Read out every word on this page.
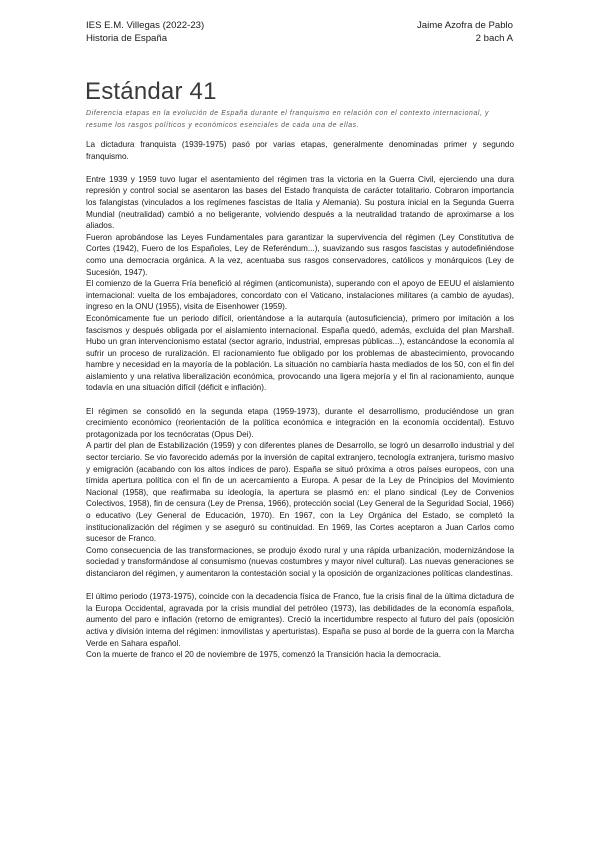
IES E.M. Villegas (2022-23)
Historia de España
Jaime Azofra de Pablo
2 bach A
Estándar 41
Diferencia etapas en la evolución de España durante el franquismo en relación con el contexto internacional, y resume los rasgos políticos y económicos esenciales de cada una de ellas.

La dictadura franquista (1939-1975) pasó por varias etapas, generalmente denominadas primer y segundo franquismo.

Entre 1939 y 1959 tuvo lugar el asentamiento del régimen tras la victoria en la Guerra Civil, ejerciendo una dura represión y control social se asentaron las bases del Estado franquista de carácter totalitario. Cobraron importancia los falangistas (vinculados a los regímenes fascistas de Italia y Alemania). Su postura inicial en la Segunda Guerra Mundial (neutralidad) cambió a no beligerante, volviendo después a la neutralidad tratando de aproximarse a los aliados.

Fueron aprobándose las Leyes Fundamentales para garantizar la supervivencia del régimen (Ley Constitutiva de Cortes (1942), Fuero de los Españoles, Ley de Referéndum...), suavizando sus rasgos fascistas y autodefiniéndose como una democracia orgánica. A la vez, acentuaba sus rasgos conservadores, católicos y monárquicos (Ley de Sucesión, 1947).

El comienzo de la Guerra Fría benefició al régimen (anticomunista), superando con el apoyo de EEUU el aislamiento internacional: vuelta de los embajadores, concordato con el Vaticano, instalaciones militares (a cambio de ayudas), ingreso en la ONU (1955), visita de Eisenhower (1959).

Económicamente fue un periodo difícil, orientándose a la autarquía (autosuficiencia), primero por imitación a los fascismos y después obligada por el aislamiento internacional. España quedó, además, excluida del plan Marshall. Hubo un gran intervencionismo estatal (sector agrario, industrial, empresas públicas...), estancándose la economía al sufrir un proceso de ruralización. El racionamiento fue obligado por los problemas de abastecimiento, provocando hambre y necesidad en la mayoría de la población. La situación no cambiaría hasta mediados de los 50, con el fin del aislamiento y una relativa liberalización económica, provocando una ligera mejoría y el fin al racionamiento, aunque todavía en una situación difícil (déficit e inflación).

El régimen se consolidó en la segunda etapa (1959-1973), durante el desarrollismo, produciéndose un gran crecimiento económico (reorientación de la política económica e integración en la economía occidental). Estuvo protagonizada por los tecnócratas (Opus Dei).

A partir del plan de Estabilización (1959) y con diferentes planes de Desarrollo, se logró un desarrollo industrial y del sector terciario. Se vio favorecido además por la inversión de capital extranjero, tecnología extranjera, turismo masivo y emigración (acabando con los altos índices de paro). España se situó próxima a otros países europeos, con una tímida apertura política con el fin de un acercamiento a Europa. A pesar de la Ley de Principios del Movimiento Nacional (1958), que reafirmaba su ideología, la apertura se plasmó en: el plano sindical (Ley de Convenios Colectivos, 1958), fin de censura (Ley de Prensa, 1966), protección social (Ley General de la Seguridad Social, 1966) o educativo (Ley General de Educación, 1970). En 1967, con la Ley Orgánica del Estado, se completó la institucionalización del régimen y se aseguró su continuidad. En 1969, las Cortes aceptaron a Juan Carlos como sucesor de Franco.

Como consecuencia de las transformaciones, se produjo éxodo rural y una rápida urbanización, modernizándose la sociedad y transformándose al consumismo (nuevas costumbres y mayor nivel cultural). Las nuevas generaciones se distanciaron del régimen, y aumentaron la contestación social y la oposición de organizaciones políticas clandestinas.

El último periodo (1973-1975), coincide con la decadencia física de Franco, fue la crisis final de la última dictadura de la Europa Occidental, agravada por la crisis mundial del petróleo (1973), las debilidades de la economía española, aumento del paro e inflación (retorno de emigrantes). Creció la incertidumbre respecto al futuro del país (oposición activa y división interna del régimen: inmovilistas y aperturistas). España se puso al borde de la guerra con la Marcha Verde en Sahara español.

Con la muerte de franco el 20 de noviembre de 1975, comenzó la Transición hacia la democracia.
